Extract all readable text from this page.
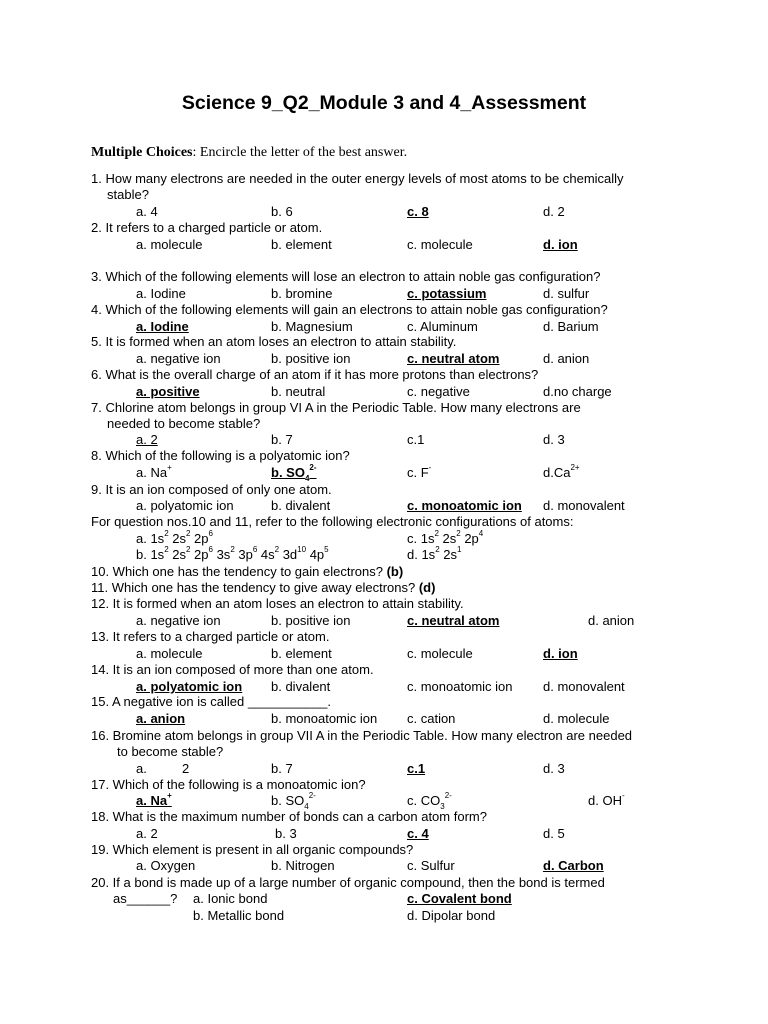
Science 9_Q2_Module 3 and 4_Assessment
Multiple Choices: Encircle the letter of the best answer.
1. How many electrons are needed in the outer energy levels of most atoms to be chemically
stable?
a. 4	b. 6	c. 8	d. 2
2. It refers to a charged particle or atom.
a. molecule	b. element	c. molecule	d. ion
3. Which of the following elements will lose an electron to attain noble gas configuration?
a. Iodine	b. bromine	c. potassium	d. sulfur
4. Which of the following elements will gain an electrons to attain noble gas configuration?
a. Iodine	b. Magnesium	c. Aluminum	d. Barium
5. It is formed when an atom loses an electron to attain stability.
a. negative ion	b. positive ion	c. neutral atom	d. anion
6. What is the overall charge of an atom if it has more protons than electrons?
a. positive	b. neutral	c. negative	d.no charge
7. Chlorine atom belongs in group VI A in the Periodic Table. How many electrons are
needed to become stable?
a. 2	b. 7	c.1	d. 3
8. Which of the following is a polyatomic ion?
a. Na+	b. $SO_4^{2-}$	c. F-	$d.Ca^{2+}$
9. It is an ion composed of only one atom.
a. polyatomic ion	b. divalent	c. monoatomic ion d. monovalent
For question nos.10 and 11, refer to the following electronic configurations of atoms:
a. $1s^2$ $2s^2$ $2p^6$	c. $1s^2$ $2s^2$ $2p^4$
b. $1s^2$ $2s^2$ $2p^6$ $3s^2$ $3p^6$ $4s^2$ $3d^{10}$ $4p^5$	d. $1s^2$ $2s^1$
10. Which one has the tendency to gain electrons? (b)
11. Which one has the tendency to give away electrons? (d)
12. It is formed when an atom loses an electron to attain stability.
a. negative ion	b. positive ion	c. neutral atom	d. anion
13. It refers to a charged particle or atom.
a. molecule	b. element	c. molecule	d. ion
14. It is an ion composed of more than one atom.
a. polyatomic ion b. divalent	c. monoatomic ion d. monovalent
15. A negative ion is called ___________.
a. anion	b. monoatomic ion c. cation	d. molecule
16. Bromine atom belongs in group VII A in the Periodic Table. How many electron are needed
to become stable?
a.	2	b. 7	c.1	d. 3
17. Which of the following is a monoatomic ion?
a. Na+	b. $SO_4^{2-}$	c. $CO_3^{2-}$	d. OH-
18. What is the maximum number of bonds can a carbon atom form?
a. 2	b. 3	c. 4	d. 5
19. Which element is present in all organic compounds?
a. Oxygen	b. Nitrogen	c. Sulfur	d. Carbon
20. If a bond is made up of a large number of organic compound, then the bond is termed
as______? a. Ionic bond	c. Covalent bond
b. Metallic bond	d. Dipolar bond
